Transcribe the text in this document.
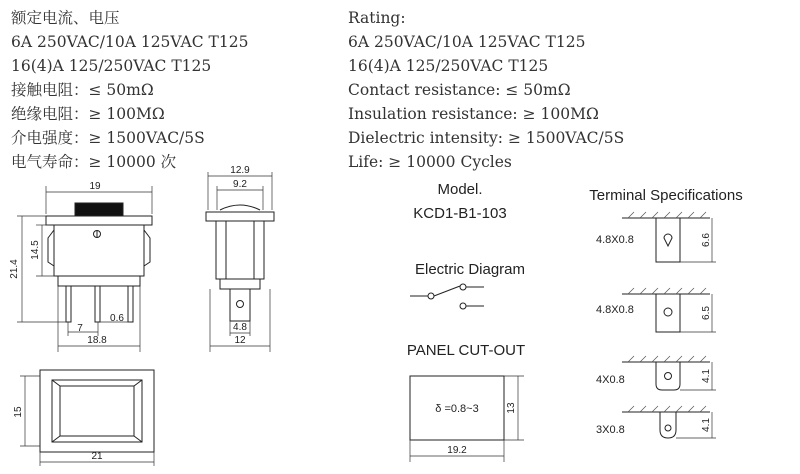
额定电流、电压
6A 250VAC/10A 125VAC T125
16(4)A 125/250VAC T125
接触电阻：≤ 50mΩ
绝缘电阻：≥ 100MΩ
介电强度：≥ 1500VAC/5S
电气寿命：≥ 10000 次
Rating:
6A 250VAC/10A 125VAC T125
16(4)A 125/250VAC T125
Contact resistance: ≤ 50mΩ
Insulation resistance: ≥ 100MΩ
Dielectric intensity: ≥ 1500VAC/5S
Life: ≥ 10000 Cycles
19
14.5
21.4
7
0.6
18.8
12.9
9.2
4.8
12
15
21
Model.
KCD1-B1-103
Electric Diagram
PANEL CUT-OUT
δ =0.8~3	13
19.2
Terminal Specifications
4.8X0.8	6.6
4.8X0.8	6.5
4X0.8	4.1
3X0.8	4.1
